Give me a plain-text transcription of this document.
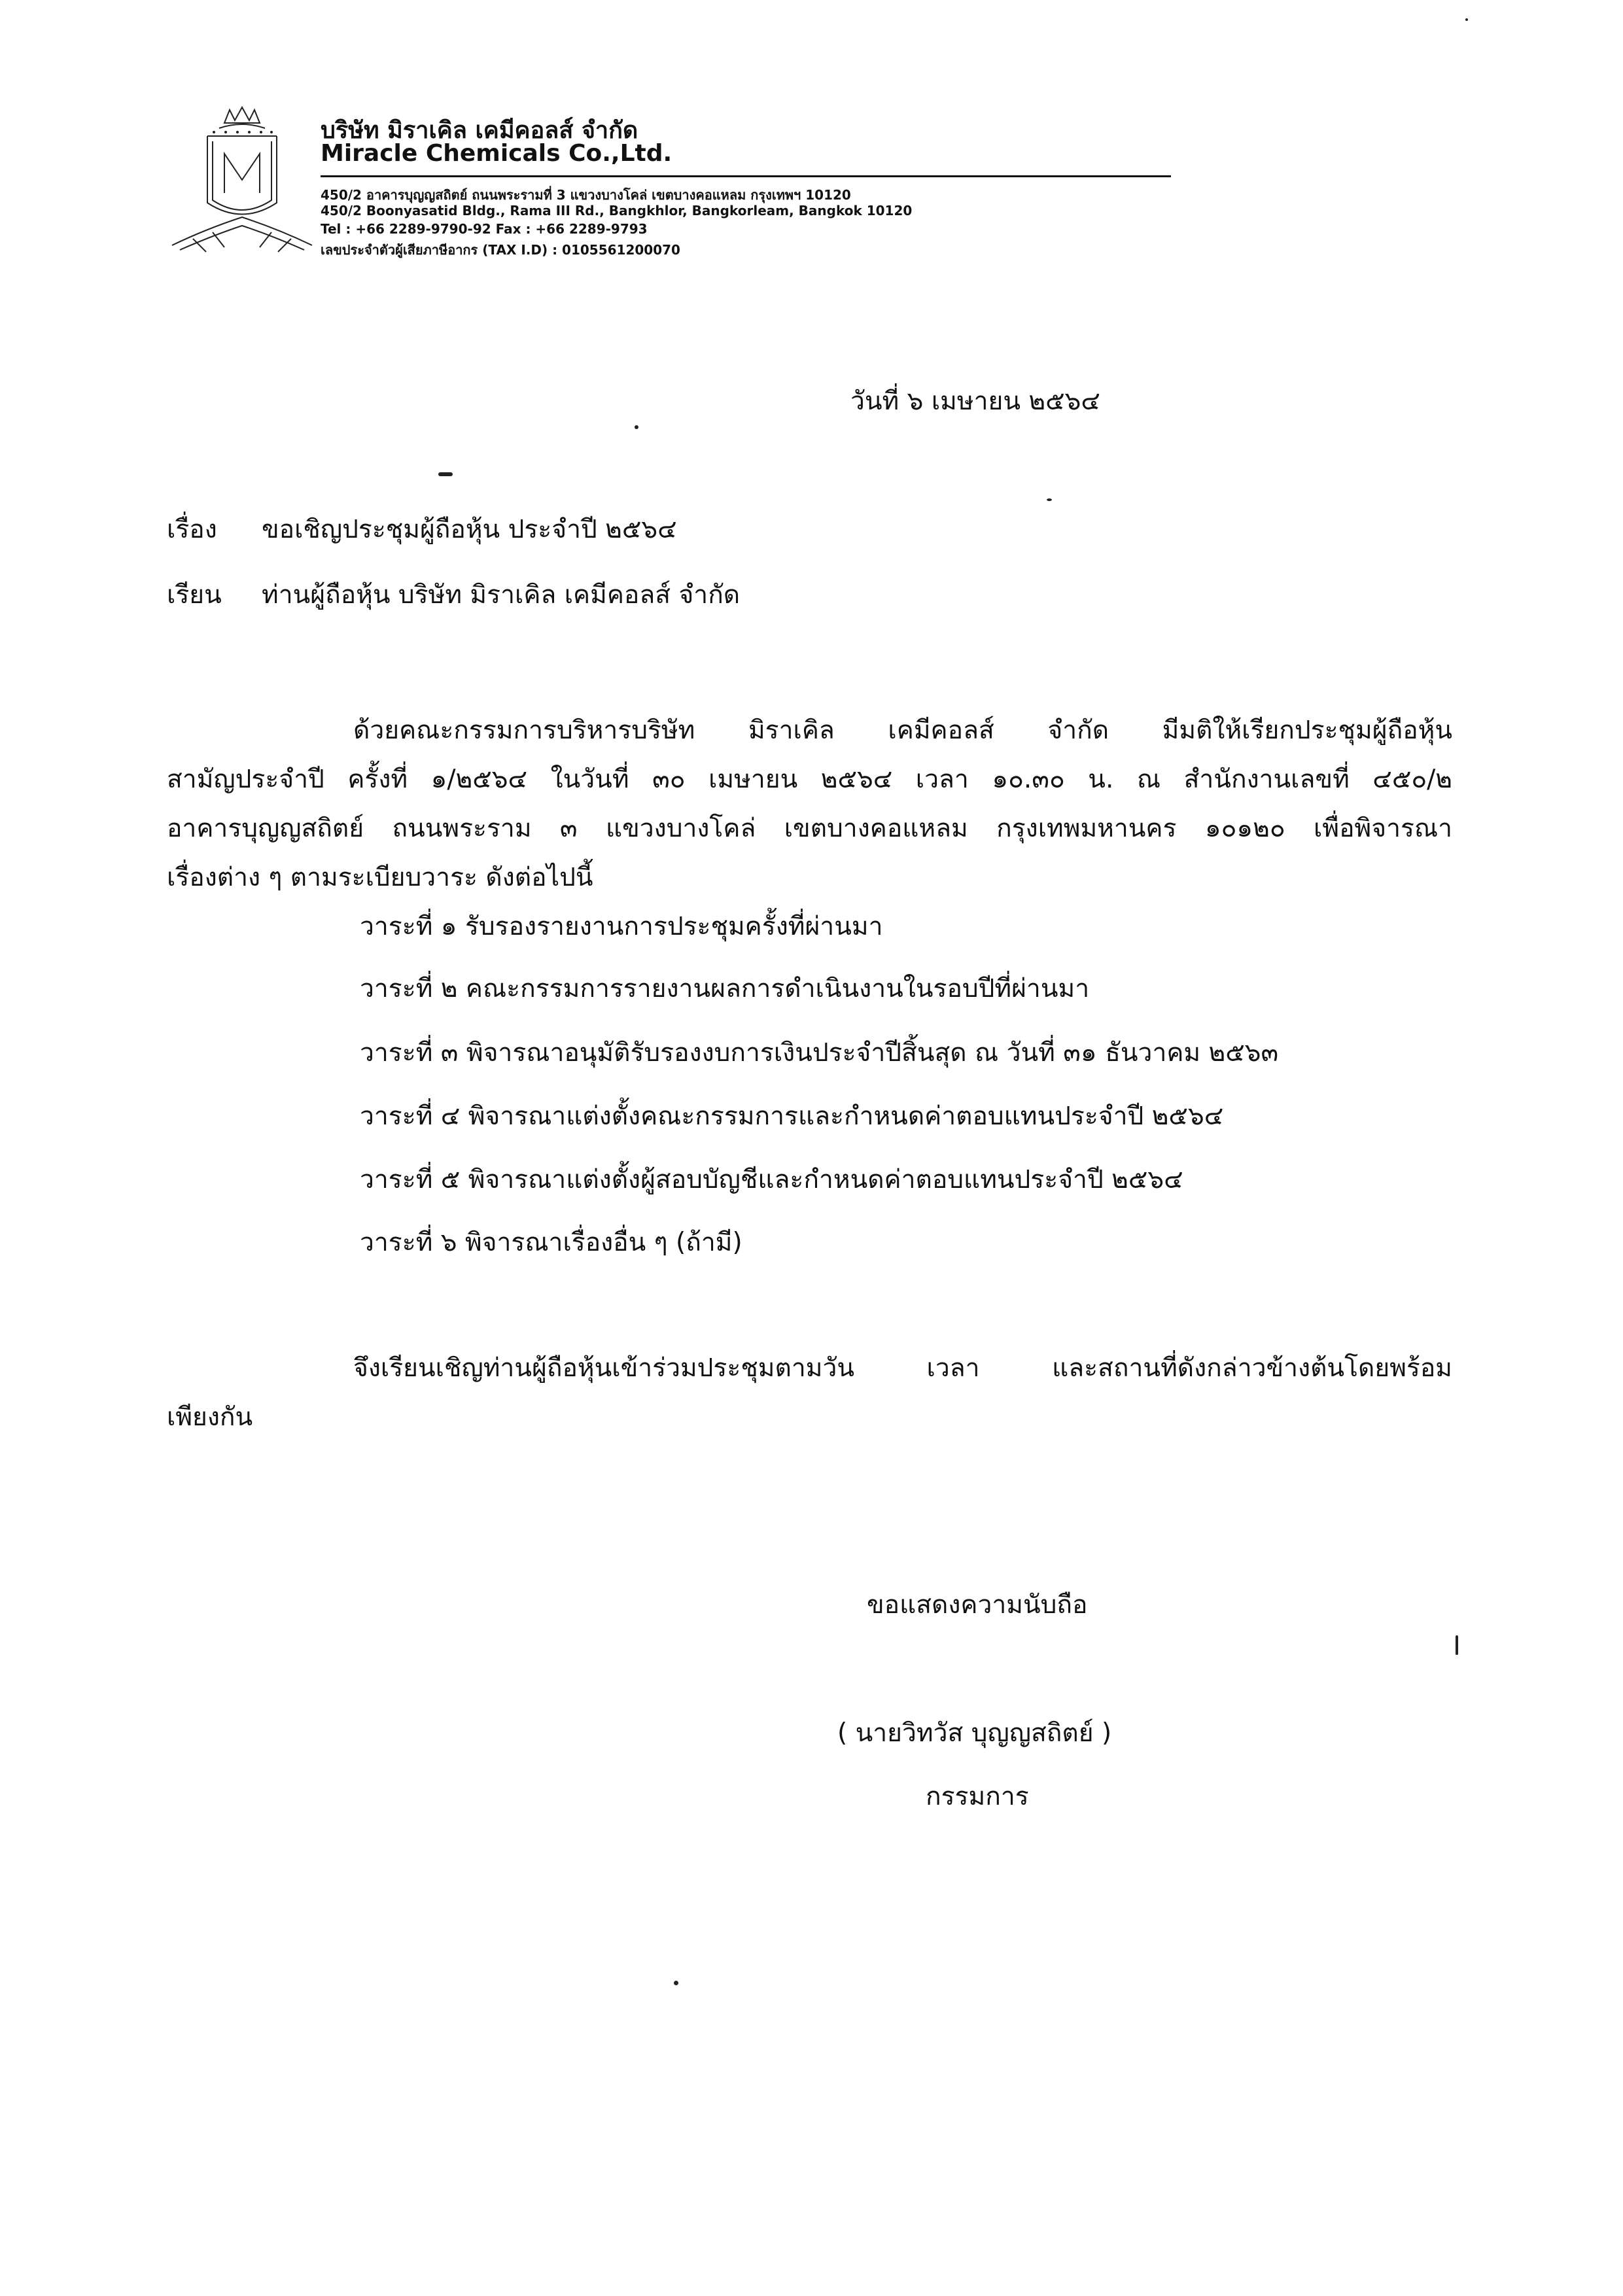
บริษัท มิราเคิล เคมีคอลส์ จำกัด
Miracle Chemicals Co.,Ltd.
450/2 อาคารบุญญสถิตย์ ถนนพระรามที่ 3 แขวงบางโคล่ เขตบางคอแหลม กรุงเทพฯ 10120
450/2 Boonyasatid Bldg., Rama III Rd., Bangkhlor, Bangkorleam, Bangkok 10120
Tel : +66 2289-9790-92 Fax : +66 2289-9793
เลขประจำตัวผู้เสียภาษีอากร (TAX I.D) : 0105561200070
วันที่ ๖ เมษายน ๒๕๖๔
เรื่อง ขอเชิญประชุมผู้ถือหุ้น ประจำปี ๒๕๖๔
เรียน ท่านผู้ถือหุ้น บริษัท มิราเคิล เคมีคอลส์ จำกัด
ด้วยคณะกรรมการบริหารบริษัท มิราเคิล เคมีคอลส์ จำกัด มีมติให้เรียกประชุมผู้ถือหุ้น
สามัญประจำปี ครั้งที่ ๑/๒๕๖๔ ในวันที่ ๓๐ เมษายน ๒๕๖๔ เวลา ๑๐.๓๐ น. ณ สำนักงานเลขที่ ๔๕๐/๒
อาคารบุญญสถิตย์ ถนนพระราม ๓ แขวงบางโคล่ เขตบางคอแหลม กรุงเทพมหานคร ๑๐๑๒๐ เพื่อพิจารณา
เรื่องต่าง ๆ ตามระเบียบวาระ ดังต่อไปนี้
วาระที่ ๑ รับรองรายงานการประชุมครั้งที่ผ่านมา
วาระที่ ๒ คณะกรรมการรายงานผลการดำเนินงานในรอบปีที่ผ่านมา
วาระที่ ๓ พิจารณาอนุมัติรับรองงบการเงินประจำปีสิ้นสุด ณ วันที่ ๓๑ ธันวาคม ๒๕๖๓
วาระที่ ๔ พิจารณาแต่งตั้งคณะกรรมการและกำหนดค่าตอบแทนประจำปี ๒๕๖๔
วาระที่ ๕ พิจารณาแต่งตั้งผู้สอบบัญชีและกำหนดค่าตอบแทนประจำปี ๒๕๖๔
วาระที่ ๖ พิจารณาเรื่องอื่น ๆ (ถ้ามี)
จึงเรียนเชิญท่านผู้ถือหุ้นเข้าร่วมประชุมตามวัน เวลา และสถานที่ดังกล่าวข้างต้นโดยพร้อม
เพียงกัน
ขอแสดงความนับถือ
( นายวิทวัส บุญญสถิตย์ )
กรรมการ
